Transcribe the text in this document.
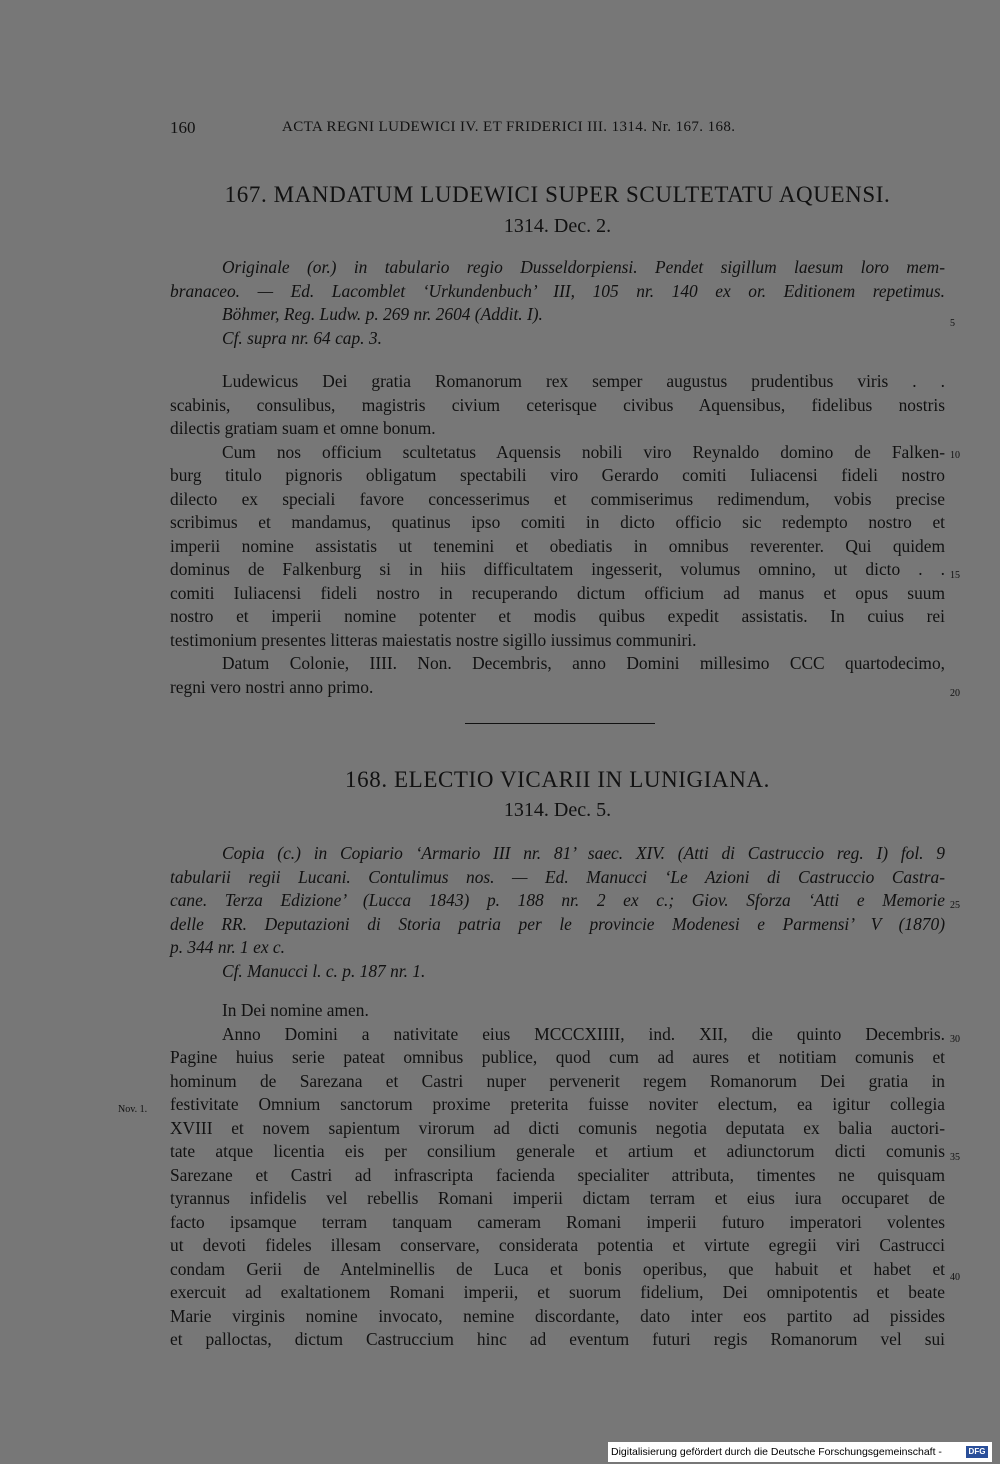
160	ACTA REGNI LUDEWICI IV. ET FRIDERICI III. 1314. Nr. 167. 168.
167. MANDATUM LUDEWICI SUPER SCULTETATU AQUENSI.
1314. Dec. 2.
Originale (or.) in tabulario regio Dusseldorpiensi. Pendet sigillum laesum loro mem-
branaceo. — Ed. Lacomblet ‘Urkundenbuch’ III, 105 nr. 140 ex or. Editionem repetimus.
Böhmer, Reg. Ludw. p. 269 nr. 2604 (Addit. I).
Cf. supra nr. 64 cap. 3.
Ludewicus Dei gratia Romanorum rex semper augustus prudentibus viris . .
scabinis, consulibus, magistris civium ceterisque civibus Aquensibus, fidelibus nostris
dilectis gratiam suam et omne bonum.
Cum nos officium scultetatus Aquensis nobili viro Reynaldo domino de Falken-
burg titulo pignoris obligatum spectabili viro Gerardo comiti Iuliacensi fideli nostro
dilecto ex speciali favore concesserimus et commiserimus redimendum, vobis precise
scribimus et mandamus, quatinus ipso comiti in dicto officio sic redempto nostro et
imperii nomine assistatis ut tenemini et obediatis in omnibus reverenter. Qui quidem
dominus de Falkenburg si in hiis difficultatem ingesserit, volumus omnino, ut dicto . .
comiti Iuliacensi fideli nostro in recuperando dictum officium ad manus et opus suum
nostro et imperii nomine potenter et modis quibus expedit assistatis. In cuius rei
testimonium presentes litteras maiestatis nostre sigillo iussimus communiri.
Datum Colonie, IIII. Non. Decembris, anno Domini millesimo CCC quartodecimo,
regni vero nostri anno primo.
5
10
15
20
168. ELECTIO VICARII IN LUNIGIANA.
1314. Dec. 5.
Copia (c.) in Copiario ‘Armario III nr. 81’ saec. XIV. (Atti di Castruccio reg. I) fol. 9
tabularii regii Lucani. Contulimus nos. — Ed. Manucci ‘Le Azioni di Castruccio Castra-
cane. Terza Edizione’ (Lucca 1843) p. 188 nr. 2 ex c.; Giov. Sforza ‘Atti e Memorie
delle RR. Deputazioni di Storia patria per le provincie Modenesi e Parmensi’ V (1870)
p. 344 nr. 1 ex c.
Cf. Manucci l. c. p. 187 nr. 1.
In Dei nomine amen.
Anno Domini a nativitate eius MCCCXIIII, ind. XII, die quinto Decembris.
Pagine huius serie pateat omnibus publice, quod cum ad aures et notitiam comunis et
hominum de Sarezana et Castri nuper pervenerit regem Romanorum Dei gratia in
festivitate Omnium sanctorum proxime preterita fuisse noviter electum, ea igitur collegia
XVIII et novem sapientum virorum ad dicti comunis negotia deputata ex balia auctori-
tate atque licentia eis per consilium generale et artium et adiunctorum dicti comunis
Sarezane et Castri ad infrascripta facienda specialiter attributa, timentes ne quisquam
tyrannus infidelis vel rebellis Romani imperii dictam terram et eius iura occuparet de
facto ipsamque terram tanquam cameram Romani imperii futuro imperatori volentes
ut devoti fideles illesam conservare, considerata potentia et virtute egregii viri Castrucci
condam Gerii de Antelminellis de Luca et bonis operibus, que habuit et habet et
exercuit ad exaltationem Romani imperii, et suorum fidelium, Dei omnipotentis et beate
Marie virginis nomine invocato, nemine discordante, dato inter eos partito ad pissides
et palloctas, dictum Castruccium hinc ad eventum futuri regis Romanorum vel sui
Nov. 1.
25
30
35
40
Digitalisierung gefördert durch die Deutsche Forschungsgemeinschaft -	DFG
